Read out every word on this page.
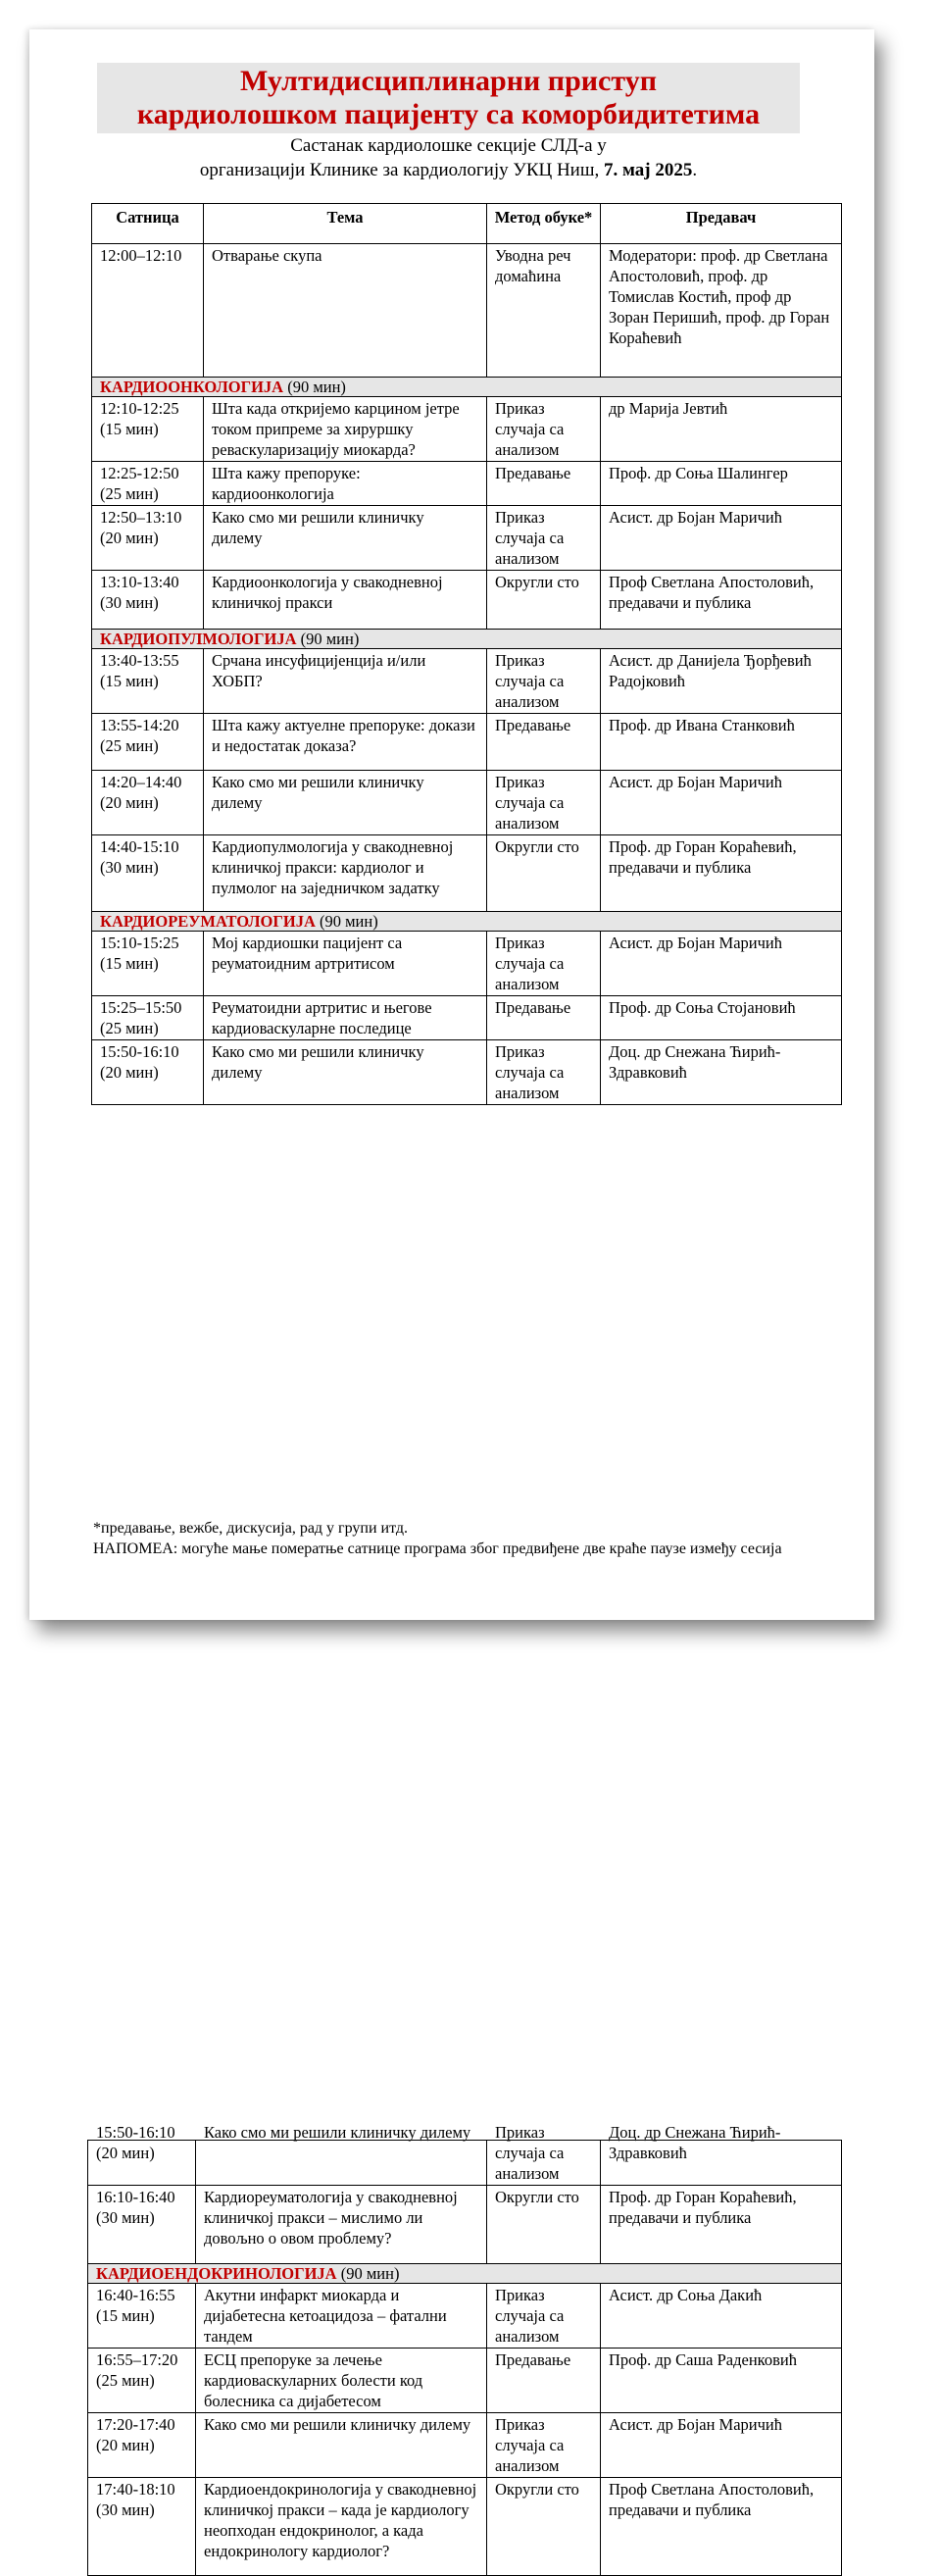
Мултидисциплинарни приступ
кардиолошком пацијенту са коморбидитетима
Састанак кардиолошке секције СЛД-а у
организацији Клинике за кардиологију УКЦ Ниш, 7. мај 2025.
Сатница	Тема	Метод обуке*	Предавач
12:00–12:10	Отварање скупа	Уводна реч домаћина	Модератори: проф. др Светлана Апостоловић, проф. др Томислав Костић, проф др Зоран Перишић, проф. др Горан Кораћевић
КАРДИООНКОЛОГИЈА (90 мин)			
12:10-12:25 (15 мин)	Шта када откријемо карцином јетре током припреме за хируршку реваскуларизацију миокарда?	Приказ случаја са анализом	др Марија Јевтић
12:25-12:50 (25 мин)	Шта кажу препоруке: кардиоонкологија	Предавање	Проф. др Соња Шалингер
12:50–13:10 (20 мин)	Како смо ми решили клиничку дилему	Приказ случаја са анализом	Асист. др Бојан Маричић
13:10-13:40 (30 мин)	Кардиоонкологија у свакодневној клиничкој пракси	Округли сто	Проф Светлана Апостоловић, предавачи и публика
КАРДИОПУЛМОЛОГИЈА (90 мин)			
13:40-13:55 (15 мин)	Срчана инсуфицијенција и/или ХОБП?	Приказ случаја са анализом	Асист. др Данијела Ђорђевић Радојковић
13:55-14:20 (25 мин)	Шта кажу актуелне препоруке: докази и недостатак доказа?	Предавање	Проф. др Ивана Станковић
14:20–14:40 (20 мин)	Како смо ми решили клиничку дилему	Приказ случаја са анализом	Асист. др Бојан Маричић
14:40-15:10 (30 мин)	Кардиопулмологија у свакодневној клиничкој пракси: кардиолог и пулмолог на заједничком задатку	Округли сто	Проф. др Горан Кораћевић, предавачи и публика
КАРДИОРЕУМАТОЛОГИЈА (90 мин)			
15:10-15:25 (15 мин)	Мој кардиошки пацијент са реуматоидним артритисом	Приказ случаја са анализом	Асист. др Бојан Маричић
15:25–15:50 (25 мин)	Реуматоидни артритис и његове кардиоваскуларне последице	Предавање	Проф. др Соња Стојановић
15:50-16:10 (20 мин)	Како смо ми решили клиничку дилему	Приказ случаја са анализом	Доц. др Снежана Ћирић-Здравковић
15:50-16:10 (20 мин)	Како смо ми решили клиничку дилему	Приказ случаја са анализом	Доц. др Снежана Ћирић-Здравковић

16:10-16:40 (30 мин)	Кардиореуматологија у свакодневној клиничкој пракси – мислимо ли довољно о овом проблему?	Округли сто	Проф. др Горан Кораћевић, предавачи и публика
КАРДИОЕНДОКРИНОЛОГИЈА (90 мин)			
16:40-16:55 (15 мин)	Акутни инфаркт миокарда и дијабетесна кетоацидоза – фатални тандем	Приказ случаја са анализом	Асист. др Соња Дакић
16:55–17:20 (25 мин)	ЕСЦ препоруке за лечење кардиоваскуларних болести код болесника са дијабетесом	Предавање	Проф. др Саша Раденковић
17:20-17:40 (20 мин)	Како смо ми решили клиничку дилему	Приказ случаја са анализом	Асист. др Бојан Маричић
17:40-18:10 (30 мин)	Кардиоендокринологија у свакодневној клиничкој пракси – када је кардиологу неопходан ендокринолог, а када ендокринологу кардиолог?	Округли сто	Проф Светлана Апостоловић, предавачи и публика
*предавање, вежбе, дискусија, рад у групи итд.
НАПОМЕА: могуће мање помератње сатнице програма због предвиђене две краће паузе између сесија
